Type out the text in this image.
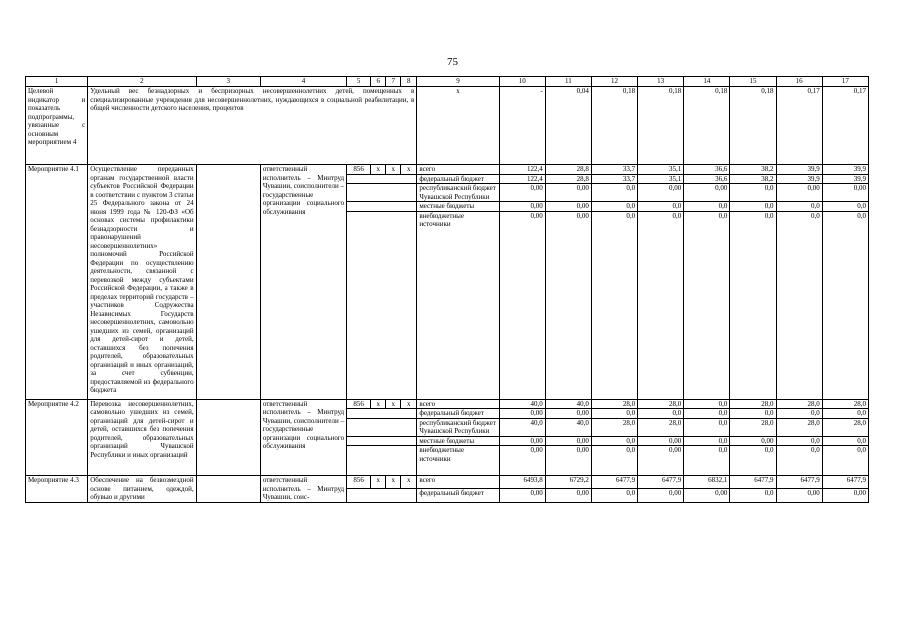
75
1	2	3	4	5	6	7	8	9	10	11	12	13	14	15	16	17
Целевой индикатор и показатель подпрограммы, увязанные с основным мероприятием 4	Удельный вес безнадзорных и беспризорных несовершеннолетних детей, помещенных в специализированные учреждения для несовершеннолетних, нуждающихся в социальной реабилитации, в общей численности детского населения, процентов							х	-	0,04	0,18	0,18	0,18	0,18	0,17	0,17
Мероприятие 4.1	Осуществление переданных органам государственной власти субъектов Российской Федерации в соответствии с пунктом 3 статьи 25 Федерального закона от 24 июня 1999 года № 120-ФЗ «Об основах системы профилактики безнадзорности и правонарушений несовершеннолетних» полномочий Российской Федерации по осуществлению деятельности, связанной с перевозкой между субъектами Российской Федерации, а также в пределах территорий государств – участников Содружества Независимых Государств несовершеннолетних, самовольно ушедших из семей, организаций для детей-сирот и детей, оставшихся без попечения родителей, образовательных организаций и иных организаций, за счет субвенции, предоставляемой из федерального бюджета		ответственный исполнитель – Минтруд Чувашии, соисполнители – государственные организации социального обслуживания	856	х	х	х	всего	122,4	28,8	33,7	35,1	36,6	38,2	39,9	39,9
								федеральный бюджет	122,4	28,8	33,7	35,1	36,6	38,2	39,9	39,9
								республиканский бюджет Чувашской Республики	0,00	0,00	0,0	0,00	0,00	0,0	0,00	0,00
								местные бюджеты	0,00	0,00	0,0	0,0	0,0	0,0	0,0	0,0
								внебюджетные источники	0,00	0,00	0,0	0,0	0,0	0,0	0,0	0,0
Мероприятие 4.2	Перевозка несовершеннолетних, самовольно ушедших из семей, организаций для детей-сирот и детей, оставшихся без попечения родителей, образовательных организаций Чувашской Республики и иных организаций		ответственный исполнитель – Минтруд Чувашии, соисполнители – государственные организации социального обслуживания	856	х	х	х	всего	40,0	40,0	28,0	28,0	0,0	28,0	28,0	28,0
								федеральный бюджет	0,00	0,00	0,0	0,0	0,0	0,0	0,0	0,0
								республиканский бюджет Чувашской Республики	40,0	40,0	28,0	28,0	0,0	28,0	28,0	28,0
								местные бюджеты	0,00	0,00	0,0	0,00	0,0	0,00	0,0	0,0
								внебюджетные источники	0,00	0,00	0,0	0,00	0,0	0,0	0,0	0,0
Мероприятие 4.3	Обеспечение на безвозмездной основе питанием, одеждой, обувью и другими		ответственный исполнитель – Минтруд Чувашии, соис-	856	х	х	х	всего	6493,8	6729,2	6477,9	6477,9	6832,1	6477,9	6477,9	6477,9
								федеральный бюджет	0,00	0,00	0,0	0,00	0,00	0,0	0,00	0,00
